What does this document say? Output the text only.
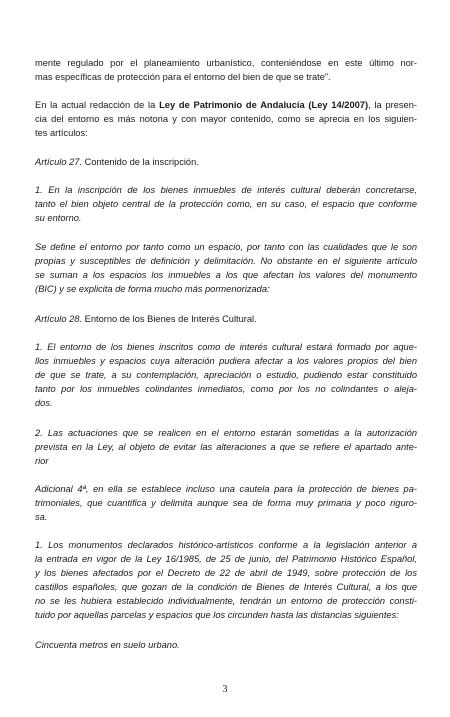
mente regulado por el planeamiento urbanístico, conteniéndose en este último nor-
mas específicas de protección para el entorno del bien de que se trate”.

En la actual redacción de la Ley de Patrimonio de Andalucía (Ley 14/2007), la presen-
cia del entorno es más notoria y con mayor contenido, como se aprecia en los siguien-
tes artículos:

Artículo 27. Contenido de la inscripción.

1. En la inscripción de los bienes inmuebles de interés cultural deberán concretarse,
tanto el bien objeto central de la protección como, en su caso, el espacio que conforme
su entorno.

Se define el entorno por tanto como un espacio, por tanto con las cualidades que le son
propias y susceptibles de definición y delimitación. No obstante en el siguiente artículo
se suman a los espacios los inmuebles a los que afectan los valores del monumento
(BIC) y se explicita de forma mucho más pormenorizada:

Artículo 28. Entorno de los Bienes de Interés Cultural.

1. El entorno de los bienes inscritos como de interés cultural estará formado por aque-
llos inmuebles y espacios cuya alteración pudiera afectar a los valores propios del bien
de que se trate, a su contemplación, apreciación o estudio, pudiendo estar constituido
tanto por los inmuebles colindantes inmediatos, como por los no colindantes o aleja-
dos.

2. Las actuaciones que se realicen en el entorno estarán sometidas a la autorización
prevista en la Ley, al objeto de evitar las alteraciones a que se refiere el apartado ante-
rior

Adicional 4ª, en ella se establece incluso una cautela para la protección de bienes pa-
trimoniales, que cuantifica y delimita aunque sea de forma muy primaria y poco riguro-
sa.

1. Los monumentos declarados histórico-artísticos conforme a la legislación anterior a
la entrada en vigor de la Ley 16/1985, de 25 de junio, del Patrimonio Histórico Español,
y los bienes afectados por el Decreto de 22 de abril de 1949, sobre protección de los
castillos españoles, que gozan de la condición de Bienes de Interés Cultural, a los que
no se les hubiera establecido individualmente, tendrán un entorno de protección consti-
tuido por aquellas parcelas y espacios que los circunden hasta las distancias siguientes:

Cincuenta metros en suelo urbano.

3
